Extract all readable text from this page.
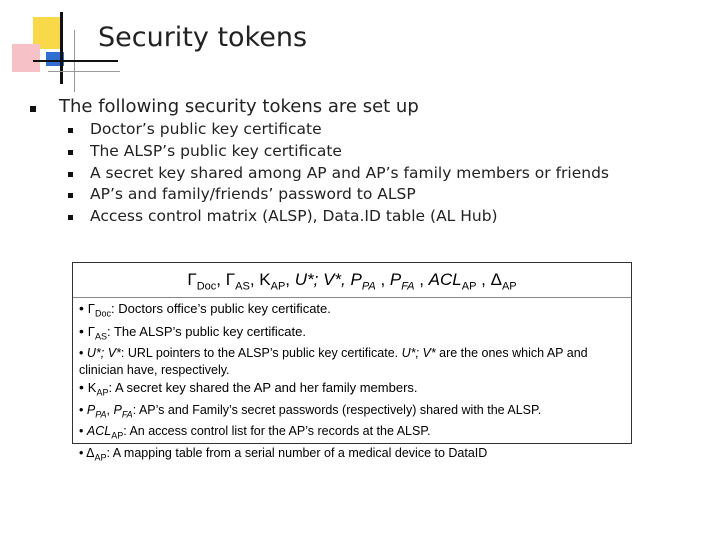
Security tokens
The following security tokens are set up
Doctor’s public key certificate
The ALSP’s public key certificate
A secret key shared among AP and AP’s family members or friends
AP’s and family/friends’ password to ALSP
Access control matrix (ALSP), Data.ID table (AL Hub)
$\Gamma_{Doc}$, $\Gamma_{AS}$, $K_{AP}$, U*; V*, $P_{PA}$ , $P_{FA}$ , $ACL_{AP}$ , $\Delta_{AP}$
• $\Gamma_{Doc}$: Doctors office’s public key certificate.
• $\Gamma_{AS}$: The ALSP’s public key certificate.
• U*; V*: URL pointers to the ALSP’s public key certificate. U*; V* are the ones which AP and clinician have, respectively.
• $K_{AP}$: A secret key shared the AP and her family members.
• $P_{PA}$, $P_{FA}$: AP’s and Family’s secret passwords (respectively) shared with the ALSP.
• $ACL_{AP}$: An access control list for the AP’s records at the ALSP.
• $\Delta_{AP}$: A mapping table from a serial number of a medical device to DataID
